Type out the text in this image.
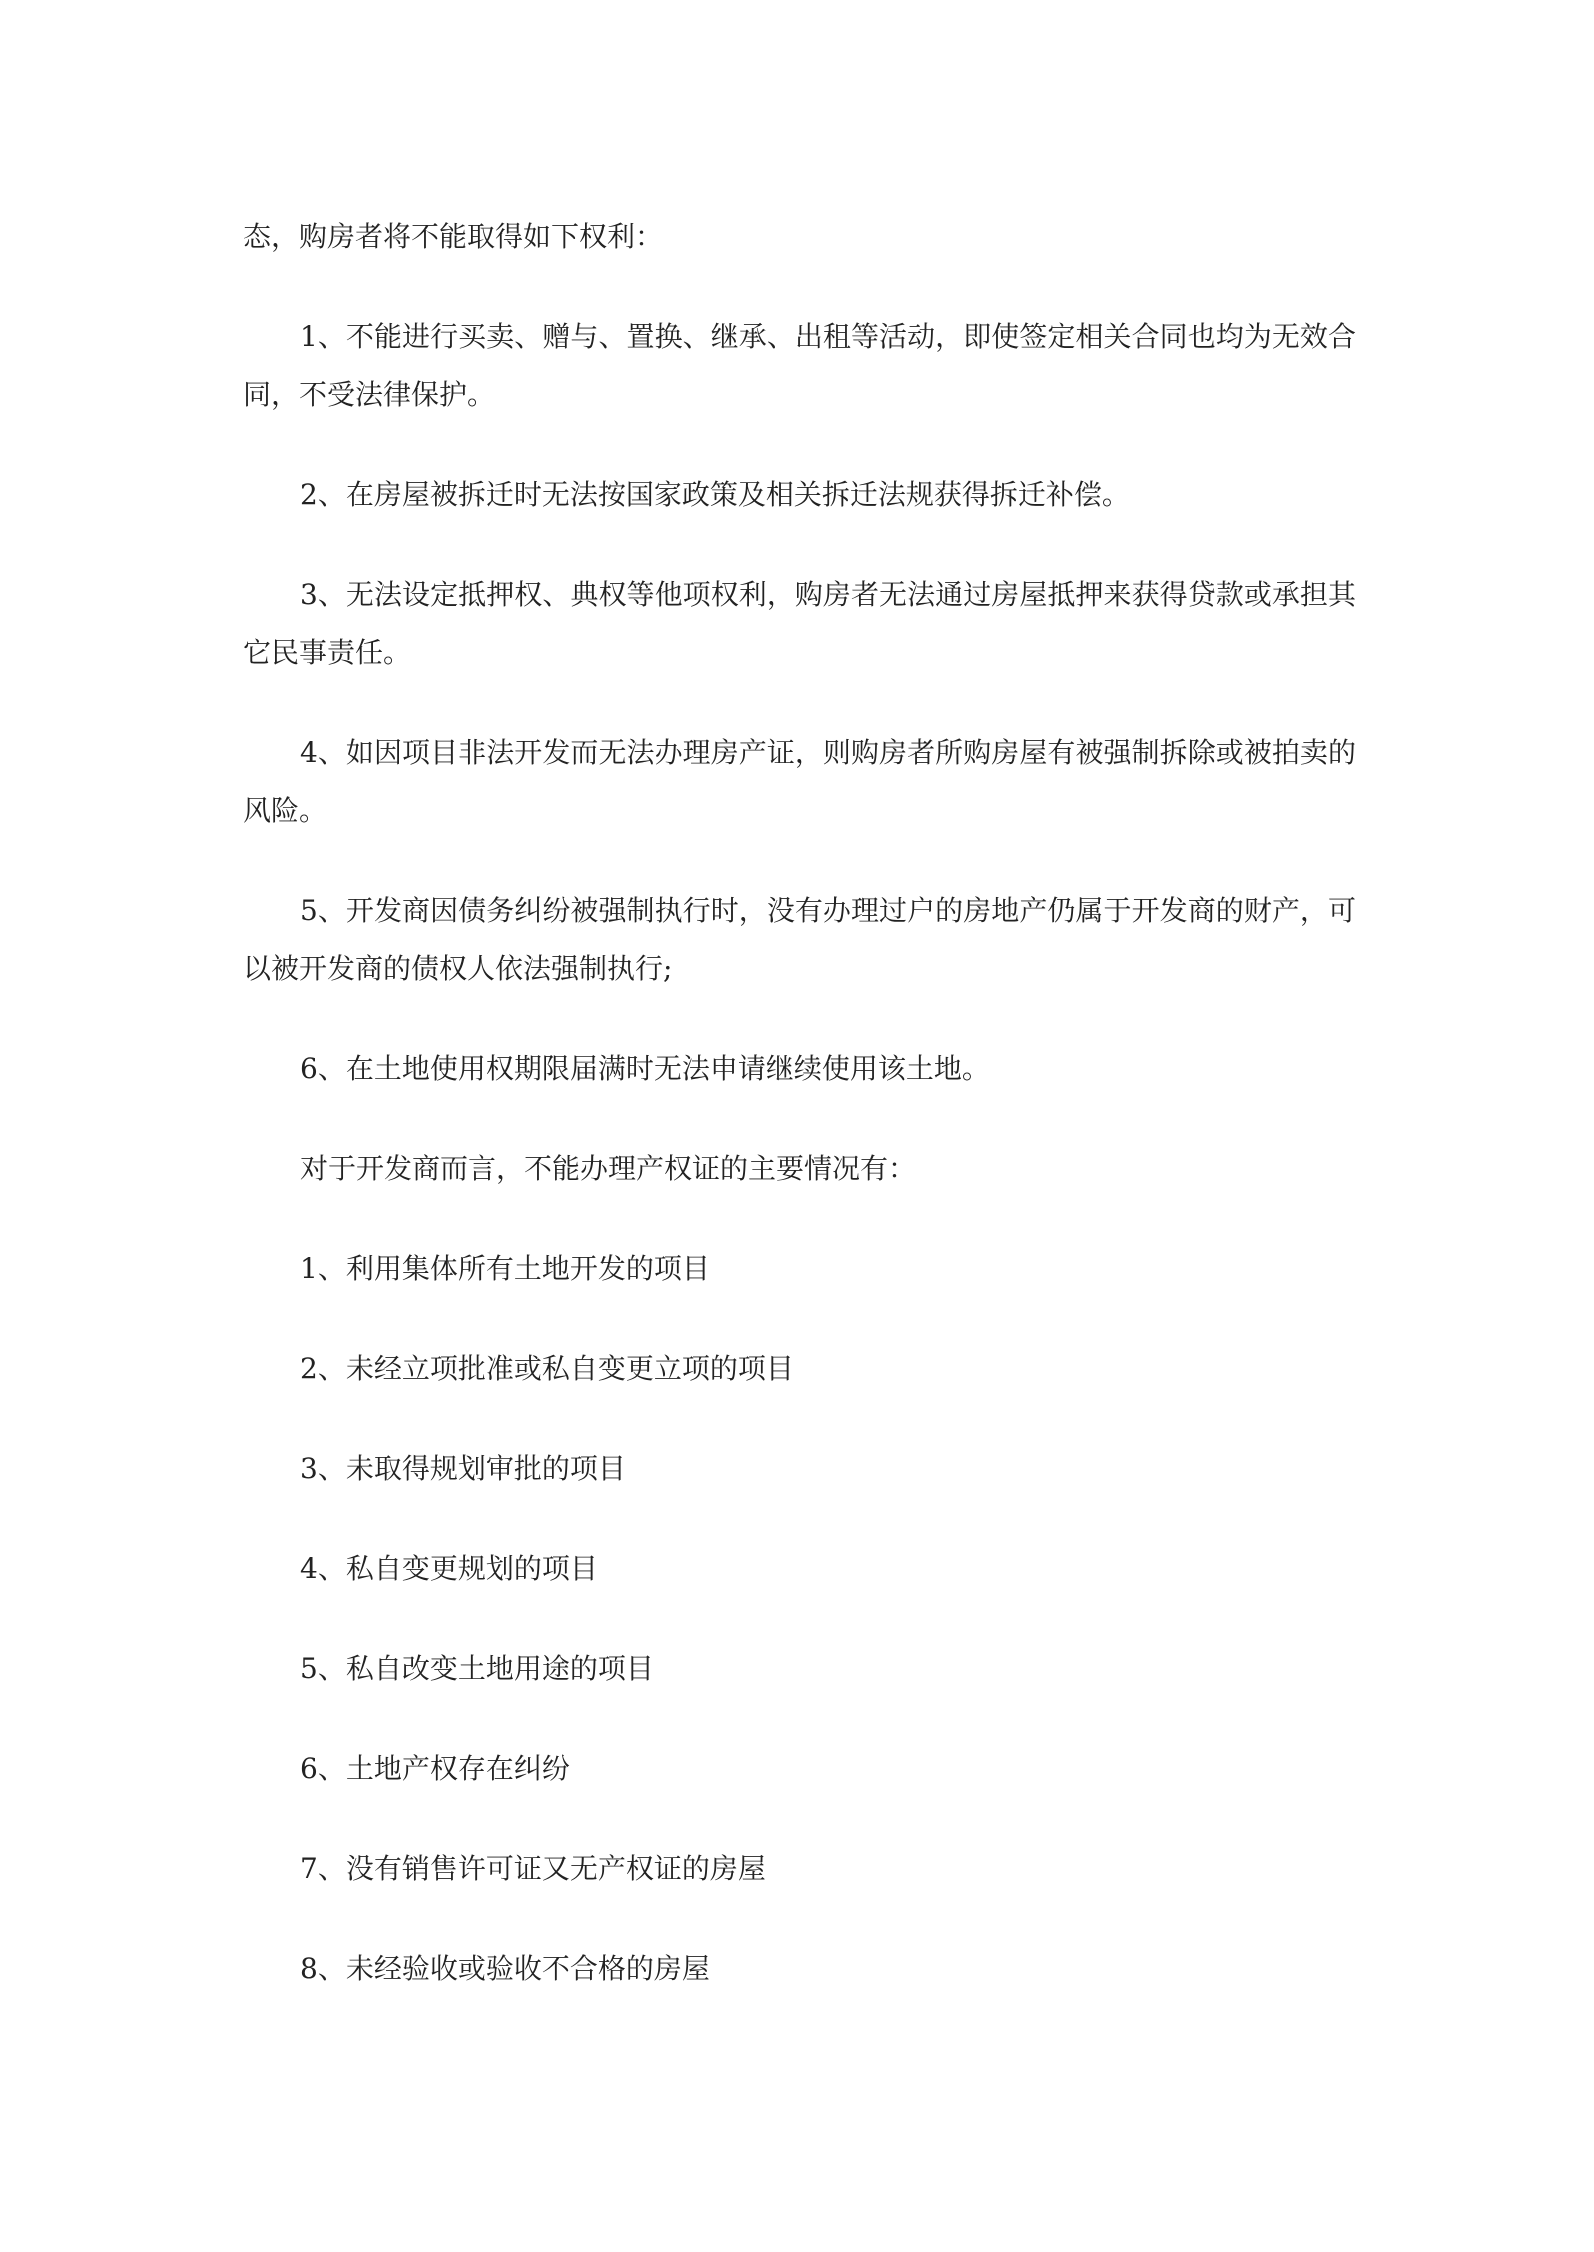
态，购房者将不能取得如下权利：

1、不能进行买卖、赠与、置换、继承、出租等活动，即使签定相关合同也均为无效合同，不受法律保护。

2、在房屋被拆迁时无法按国家政策及相关拆迁法规获得拆迁补偿。

3、无法设定抵押权、典权等他项权利，购房者无法通过房屋抵押来获得贷款或承担其它民事责任。

4、如因项目非法开发而无法办理房产证，则购房者所购房屋有被强制拆除或被拍卖的风险。

5、开发商因债务纠纷被强制执行时，没有办理过户的房地产仍属于开发商的财产，可以被开发商的债权人依法强制执行;

6、在土地使用权期限届满时无法申请继续使用该土地。

对于开发商而言，不能办理产权证的主要情况有：

1、利用集体所有土地开发的项目

2、未经立项批准或私自变更立项的项目

3、未取得规划审批的项目

4、私自变更规划的项目

5、私自改变土地用途的项目

6、土地产权存在纠纷

7、没有销售许可证又无产权证的房屋

8、未经验收或验收不合格的房屋
